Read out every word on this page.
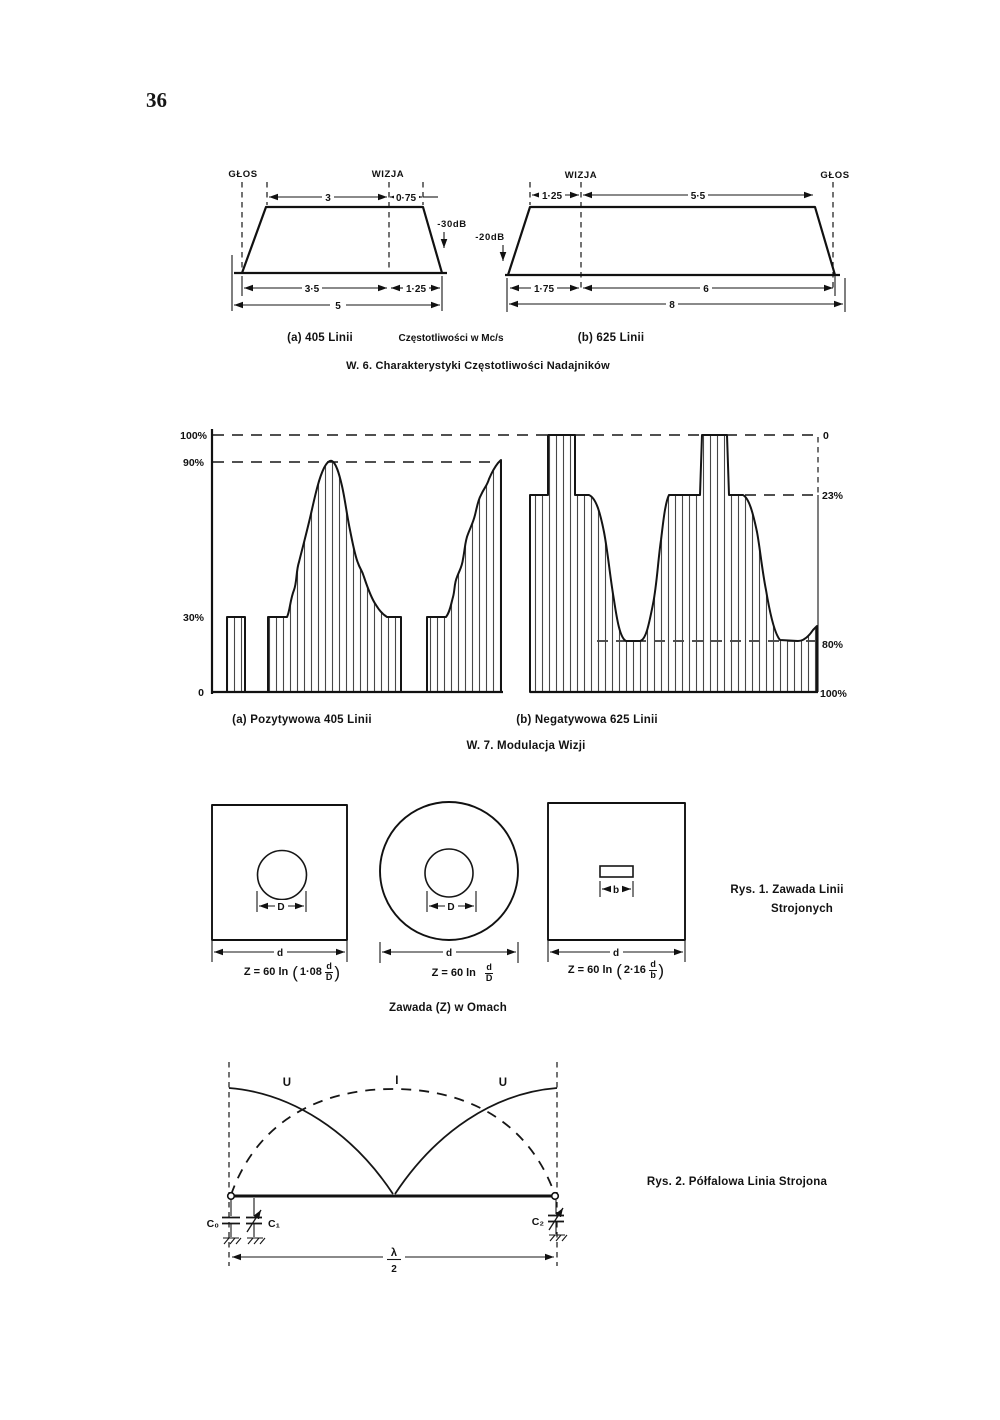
36
GŁOS	WIZJA
3	0·75
-30dB
3·5	1·25
5
WIZJA	GŁOS
1·25	5·5
-20dB
1·75	6
8
(a) 405 Linii	Częstotliwości w Mc/s	(b) 625 Linii
W. 6. Charakterystyki Częstotliwości Nadajników
100%
90%
30%
0
0
23%
80%
100%
(a) Pozytywowa 405 Linii	(b) Negatywowa 625 Linii
W. 7. Modulacja Wizji
D
d
D
d
b
d
Rys. 1. Zawada Linii
Strojonych
Zawada (Z) w Omach
Z = 60 ln ( $1\cdot 08 \frac{d}{D}$ )	Z = 60 $\ln \frac{d}{D}$	Z = 60 ln ( $2\cdot 16 \frac{d}{b}$ )
U	I	U
C₀	C₁	C₂
λ
2
Rys. 2. Półfalowa Linia Strojona
